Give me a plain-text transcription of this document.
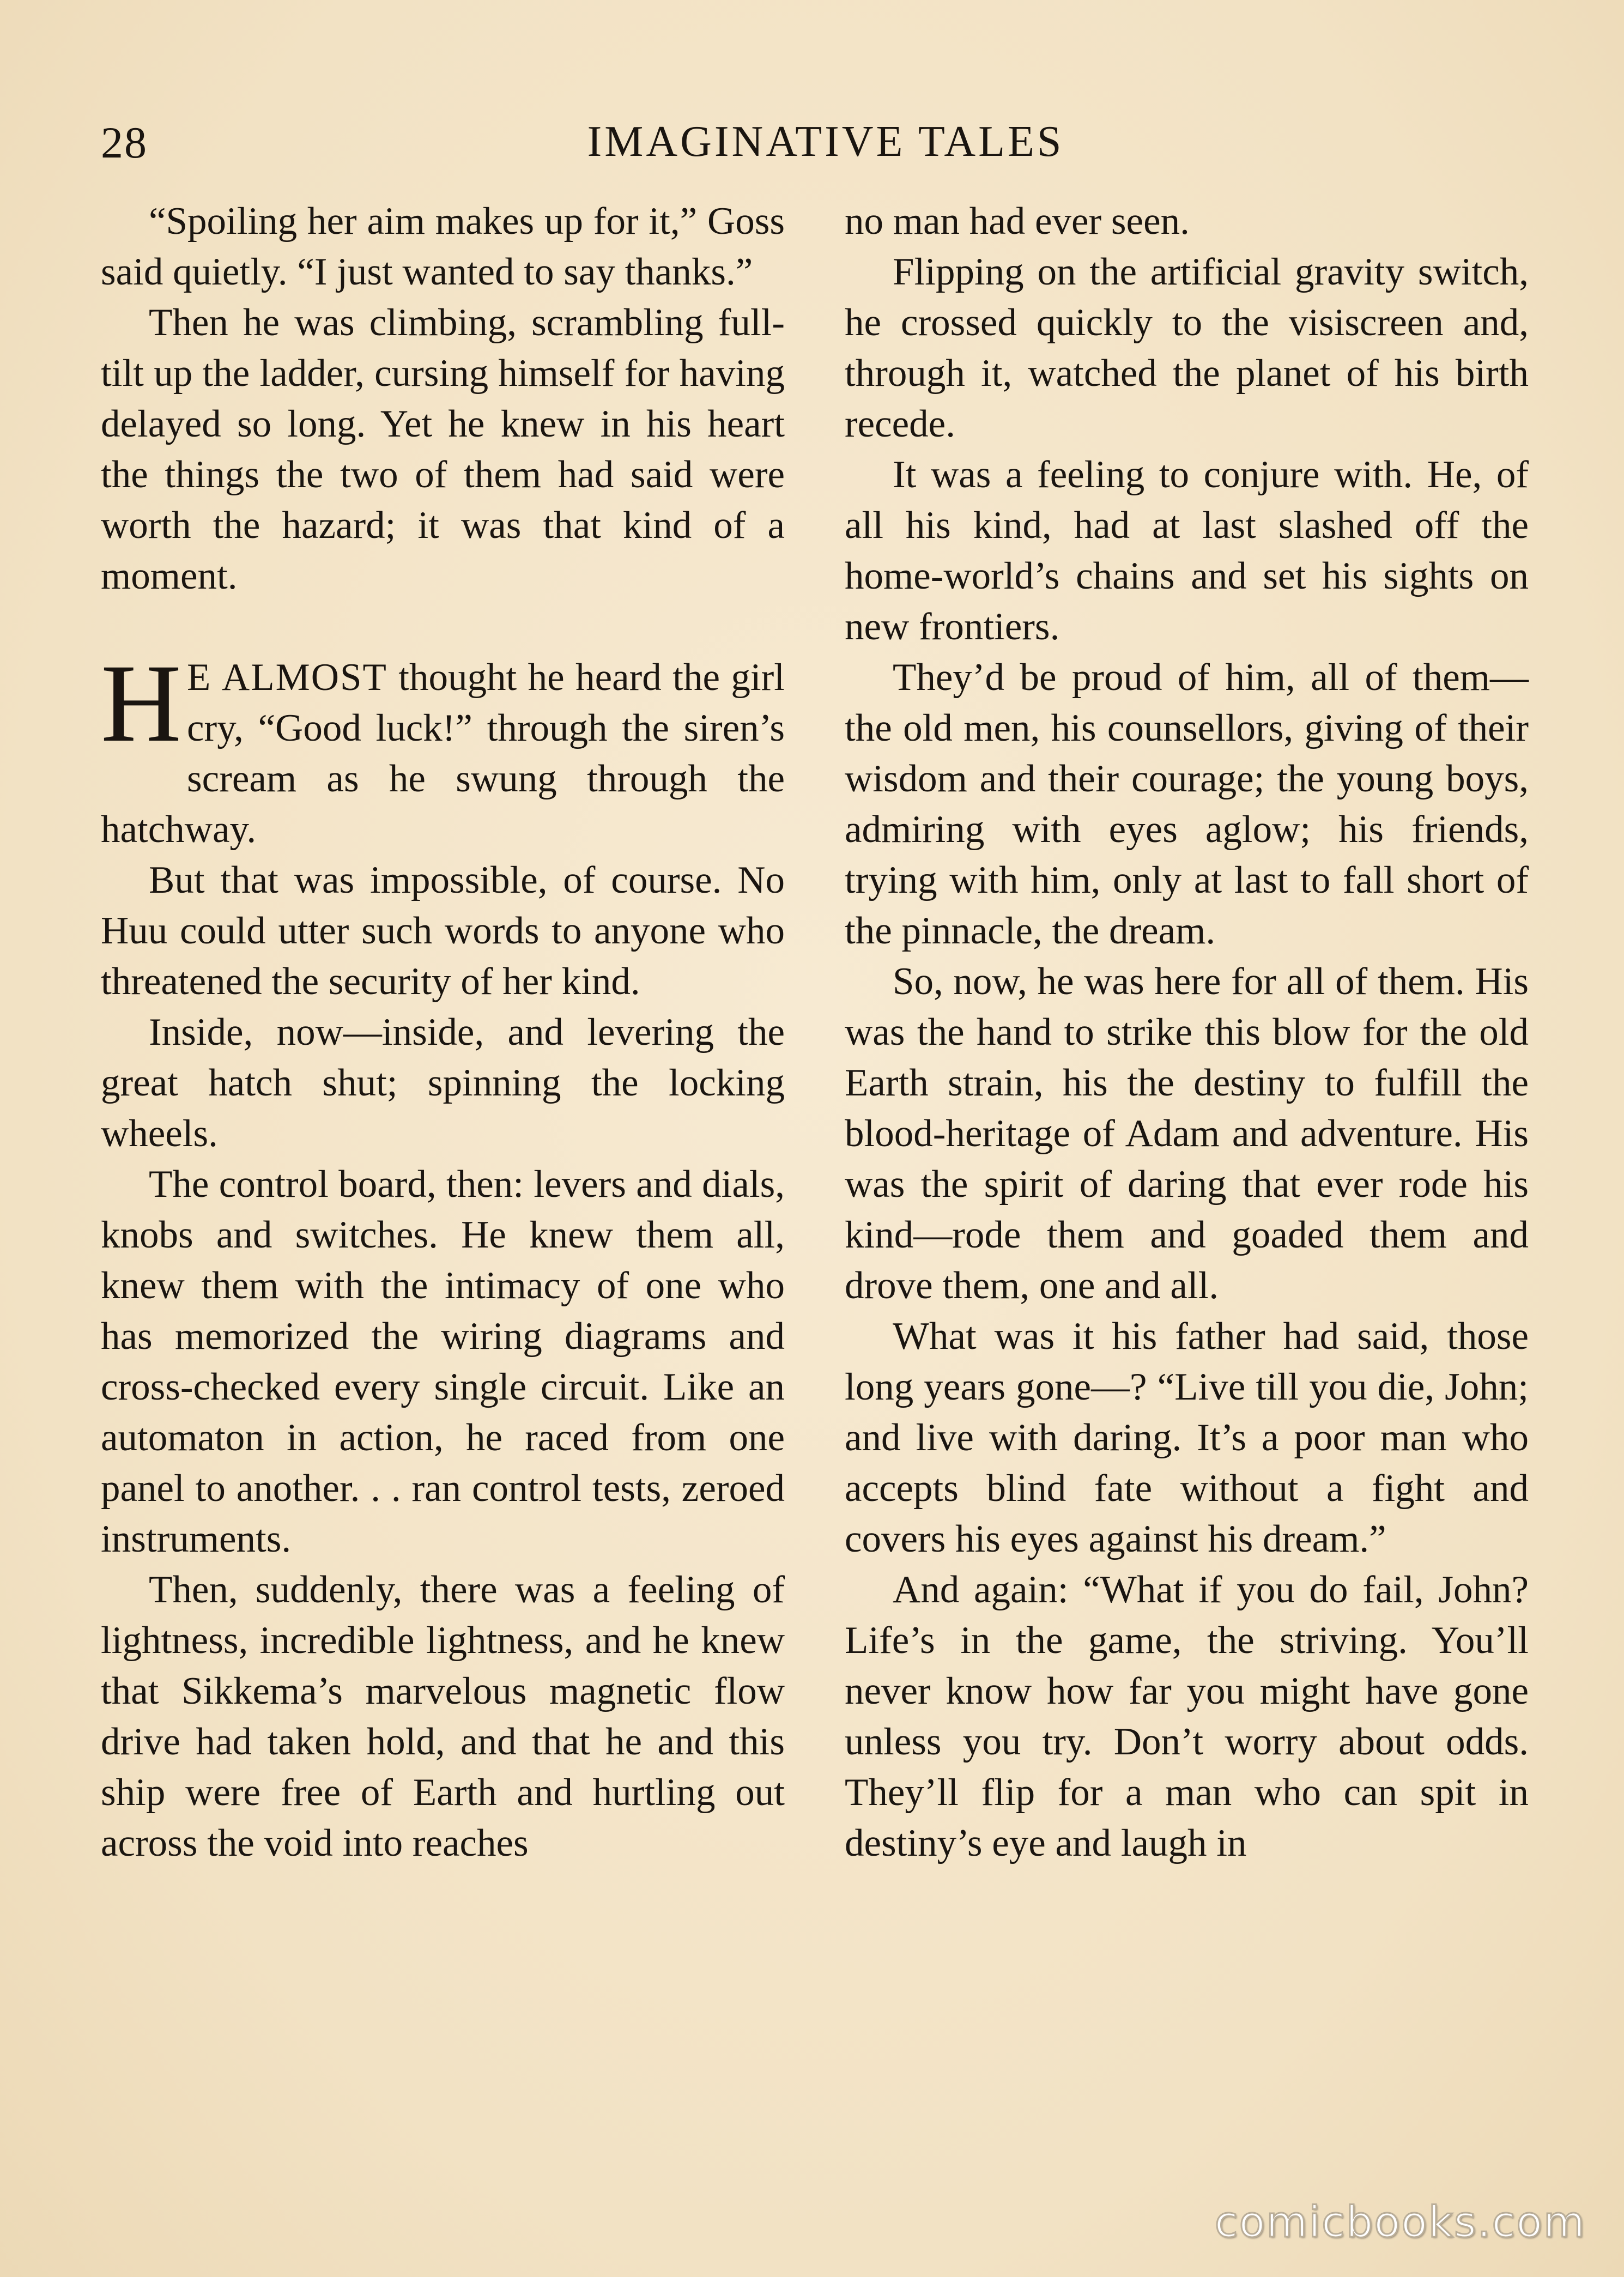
28	IMAGINATIVE TALES

“Spoiling her aim makes up for it,” Goss said quietly. “I just wanted to say thanks.”

Then he was climbing, scrambling full-tilt up the ladder, cursing himself for having delayed so long. Yet he knew in his heart the things the two of them had said were worth the hazard; it was that kind of a moment.

H E ALMOST thought he heard the girl cry, “Good luck!” through the siren’s scream as he swung through the hatchway.

But that was impossible, of course. No Huu could utter such words to anyone who threatened the security of her kind.

Inside, now—inside, and levering the great hatch shut; spinning the locking wheels.

The control board, then: levers and dials, knobs and switches. He knew them all, knew them with the intimacy of one who has memorized the wiring diagrams and cross-checked every single circuit. Like an automaton in action, he raced from one panel to another. . . ran control tests, zeroed instruments.

Then, suddenly, there was a feeling of lightness, incredible lightness, and he knew that Sikkema’s marvelous magnetic flow drive had taken hold, and that he and this ship were free of Earth and hurtling out across the void into reaches

no man had ever seen.

Flipping on the artificial gravity switch, he crossed quickly to the visiscreen and, through it, watched the planet of his birth recede.

It was a feeling to conjure with. He, of all his kind, had at last slashed off the home-world’s chains and set his sights on new frontiers.

They’d be proud of him, all of them—the old men, his counsellors, giving of their wisdom and their courage; the young boys, admiring with eyes aglow; his friends, trying with him, only at last to fall short of the pinnacle, the dream.

So, now, he was here for all of them. His was the hand to strike this blow for the old Earth strain, his the destiny to fulfill the blood-heritage of Adam and adventure. His was the spirit of daring that ever rode his kind—rode them and goaded them and drove them, one and all.

What was it his father had said, those long years gone—? “Live till you die, John; and live with daring. It’s a poor man who accepts blind fate without a fight and covers his eyes against his dream.”

And again: “What if you do fail, John? Life’s in the game, the striving. You’ll never know how far you might have gone unless you try. Don’t worry about odds. They’ll flip for a man who can spit in destiny’s eye and laugh in

comicbooks.com
